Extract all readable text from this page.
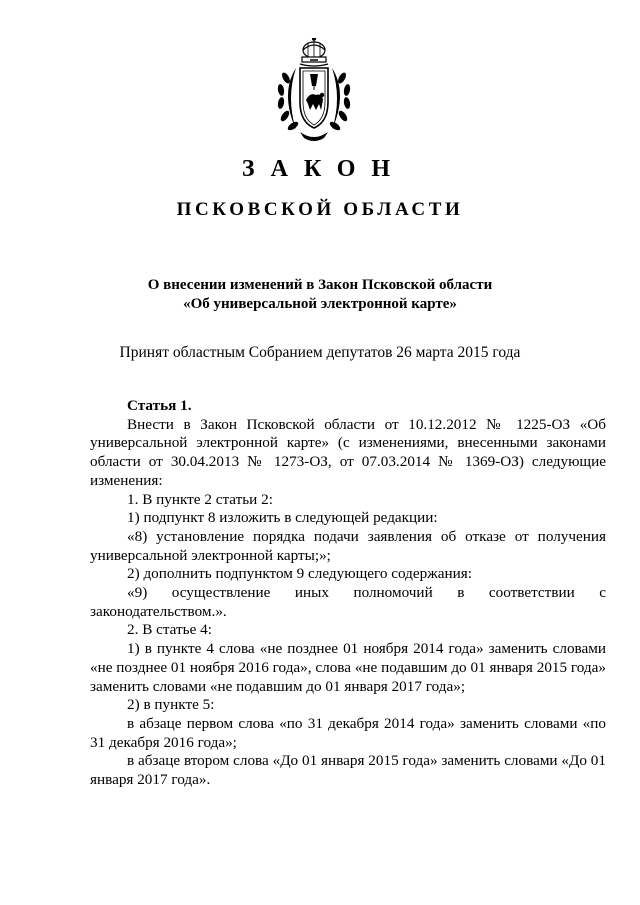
ЗАКОН
ПСКОВСКОЙ ОБЛАСТИ
О внесении изменений в Закон Псковской области
«Об универсальной электронной карте»
Принят областным Собранием депутатов 26 марта 2015 года

Статья 1.

Внести в Закон Псковской области от 10.12.2012 № 1225-ОЗ «Об универсальной электронной карте» (с изменениями, внесенными законами области от 30.04.2013 № 1273-ОЗ, от 07.03.2014 № 1369-ОЗ) следующие изменения:

1. В пункте 2 статьи 2:

1) подпункт 8 изложить в следующей редакции:

«8) установление порядка подачи заявления об отказе от получения универсальной электронной карты;»;

2) дополнить подпунктом 9 следующего содержания:

«9) осуществление иных полномочий в соответствии с законодательством.».

2. В статье 4:

1) в пункте 4 слова «не позднее 01 ноября 2014 года» заменить словами «не позднее 01 ноября 2016 года», слова «не подавшим до 01 января 2015 года» заменить словами «не подавшим до 01 января 2017 года»;

2) в пункте 5:

в абзаце первом слова «по 31 декабря 2014 года» заменить словами «по 31 декабря 2016 года»;

в абзаце втором слова «До 01 января 2015 года» заменить словами «До 01 января 2017 года».
